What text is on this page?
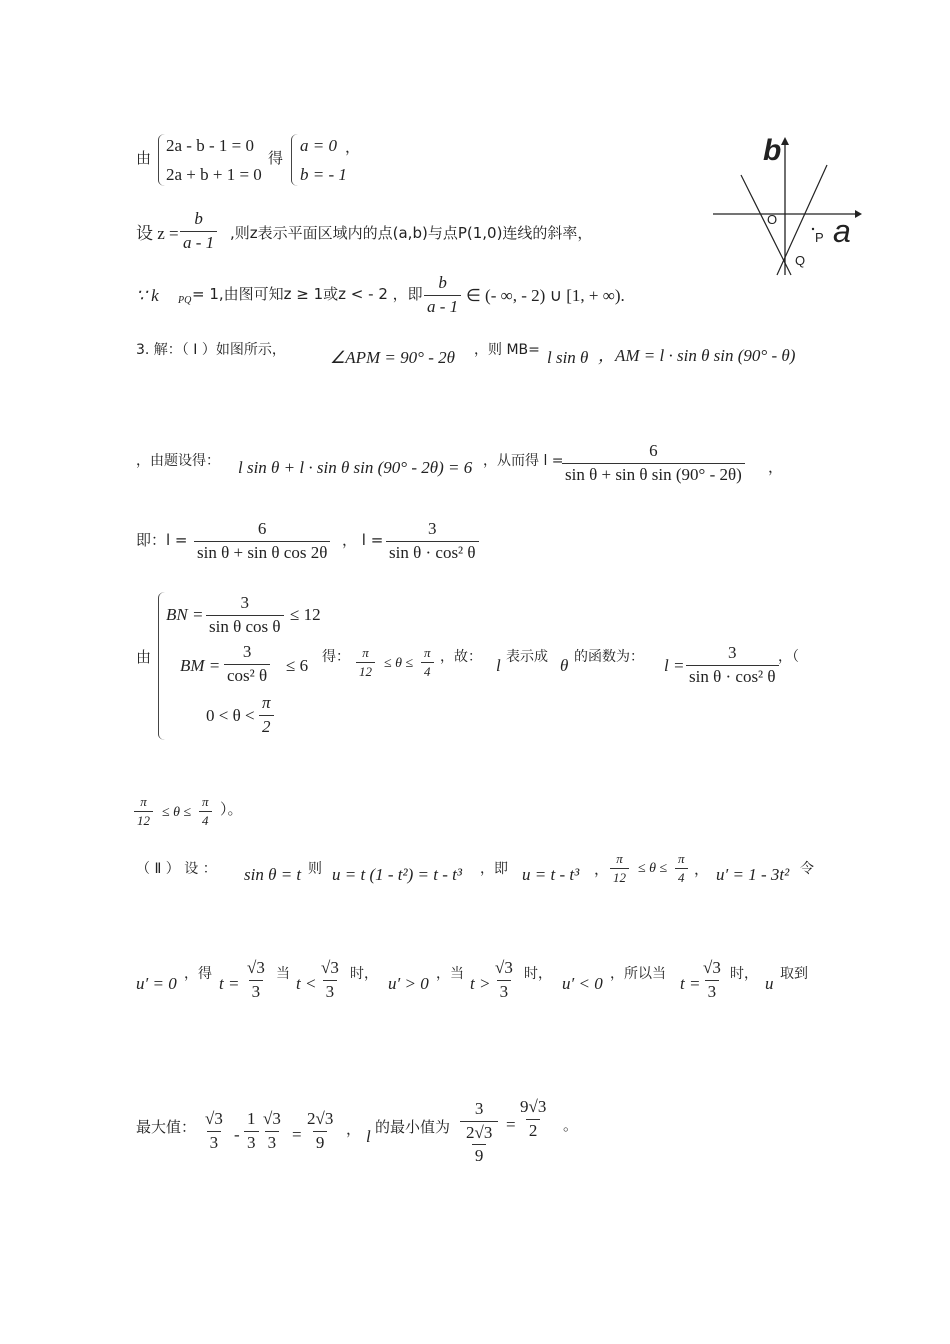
由
2a - b - 1 = 0
2a + b + 1 = 0
得
a = 0
b = - 1
，
设 $z = \frac{b}{a - 1}$ ,则z表示平面区域内的点(a,b)与点P(1,0)连线的斜率，
∵ k PQ = 1,由图可知z ≥ 1或z < - 2 ，即 $\frac{b}{a - 1}$ ∈ (- ∞, - 2) ∪ [1, + ∞).
b
a
O
P
Q
3. 解：（ Ⅰ ）如图所示，	∠APM = 90° - 2θ ，则 MB= l sin θ ，AM = l · sin θ sin (90° - θ)
，由题设得： l sin θ + l · sin θ sin (90° - 2θ) = 6 ，从而得 l =
$\frac{6}{\text{sin θ + sin θ sin (90° - 2θ)}}$ ，
即：$l = \frac{6}{\text{sin θ + sin θ cos 2θ}}$ ， $l = \frac{3}{\text{sin θ · cos² θ}}$
由
BN = $\frac{3}{\text{sin θ cos θ}} \le 12$
BM = $\frac{3}{\text{cos² θ}} \le 6$
$0 < \theta < \frac{\pi}{2}$
得： $\frac{\pi}{12} \le \theta \le \frac{\pi}{4}$ ，故： l 表示成 θ 的函数为： $l = \frac{3}{\text{sin θ · cos² θ}}$ ，（
$\frac{\pi}{12} \le \theta \le \frac{\pi}{4}$ ）。
（ Ⅱ ） 设 ： sin θ = t 则 u = t (1 - t²) = t - t³ ，即 u = t - t³ ， $\frac{\pi}{12} \le \theta \le \frac{\pi}{4}$ ， u′ = 1 - 3t² 令
u′ = 0 ，得 $t = \frac{√3}{3}$ 当 $t < \frac{√3}{3}$ 时， u′ > 0 ，当 $t > \frac{√3}{3}$ 时， u′ < 0 ，所以当 $t = \frac{√3}{3}$ 时， u 取到
最大值： $\frac{√3}{3} - \frac{1}{3} \frac{√3}{3} = \frac{2√3}{9}$ ， l 的最小值为 $\frac{3}{\frac{2√3}{9}} = \frac{9√3}{2}$ 。
